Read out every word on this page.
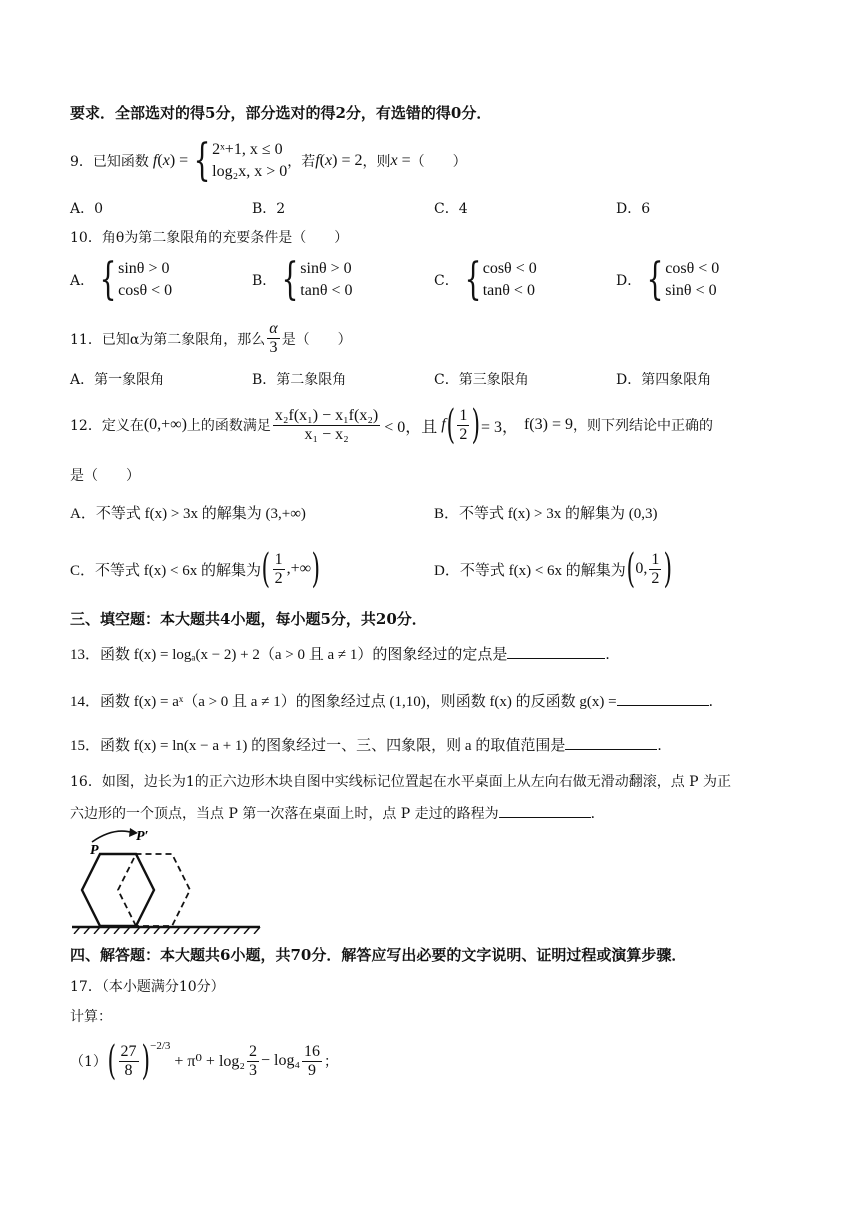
要求．全部选对的得5分，部分选对的得2分，有选错的得0分．
9．已知函数 f ( x ) = { 2ˣ+1, x ≤ 0
log₂x, x > 0
，若 f ( x ) = 2 ，则 x = （　　）
A．0	B．2	C．4	D．6
10．角θ为第二象限角的充要条件是（　　）
A． { sinθ > 0
cosθ < 0
B． { sinθ > 0
tanθ < 0
C． { cosθ < 0
tanθ < 0
D． { cosθ < 0
sinθ < 0
11．已知α为第二象限角，那么 $\frac{\alpha}{3}$ 是（　　）
A．第一象限角	B．第二象限角	C．第三象限角	D．第四象限角
12．定义在 (0,+∞) 上的函数满足 $\frac{\text{x₂f(x₁) − x₁f(x₂)}}{\text{x₁ − x₂}} < 0$，且 f ( $\frac{1}{2}$ ) = 3， f(3) = 9 ，则下列结论中正确的
是（　　）
A．不等式 f(x) > 3x 的解集为 (3,+∞)	B．不等式 f(x) > 3x 的解集为 (0,3)
C．不等式 f(x) < 6x 的解集为 ( $\frac{1}{2}$ ,+∞ )	D．不等式 f(x) < 6x 的解集为 ( 0, $\frac{1}{2}$ )
三、填空题：本大题共4小题，每小题5分，共20分．
13．函数 f(x) = logₐ(x − 2) + 2（a > 0 且 a ≠ 1）的图象经过的定点是	．
14．函数 f(x) = aˣ（a > 0 且 a ≠ 1）的图象经过点 (1,10)，则函数 f(x) 的反函数 g(x) =	．
15．函数 f(x) = ln(x − a + 1) 的图象经过一、三、四象限，则 a 的取值范围是	．
16．如图，边长为1的正六边形木块自图中实线标记位置起在水平桌面上从左向右做无滑动翻滚，点 P 为正
六边形的一个顶点，当点 P 第一次落在桌面上时，点 P 走过的路程为	．
P
P′
四、解答题：本大题共6小题，共70分．解答应写出必要的文字说明、证明过程或演算步骤．
17．（本小题满分10分）
计算：
（1） ( $\frac{27}{8}$ ) −2/3
+ $\pi^0 + \log_2 \frac{2}{3} - \log_4 \frac{16}{9}$ ；
